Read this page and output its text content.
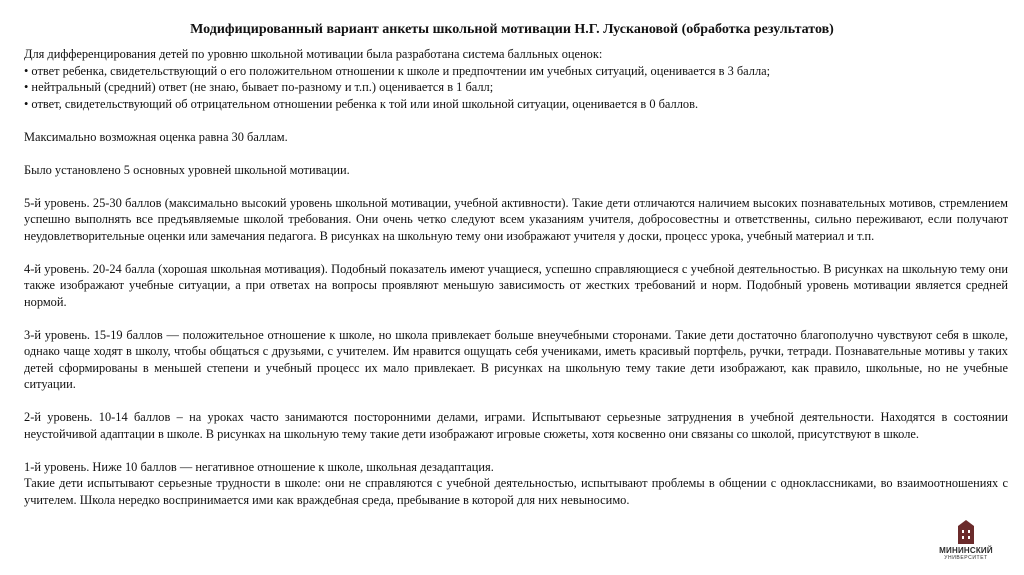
Модифицированный вариант анкеты школьной мотивации Н.Г. Лускановой (обработка результатов)

Для дифференцирования детей по уровню школьной мотивации была разработана система балльных оценок:

• ответ ребенка, свидетельствующий о его положительном отношении к школе и предпочтении им учебных ситуаций, оценивается в 3 балла;

• нейтральный (средний) ответ (не знаю, бывает по-разному и т.п.) оценивается в 1 балл;

• ответ, свидетельствующий об отрицательном отношении ребенка к той или иной школьной ситуации, оценивается в 0 баллов.

Максимально возможная оценка равна 30 баллам.

Было установлено 5 основных уровней школьной мотивации.

5-й уровень. 25-30 баллов (максимально высокий уровень школьной мотивации, учебной активности). Такие дети отличаются наличием высоких познавательных мотивов, стремлением успешно выполнять все предъявляемые школой требования. Они очень четко следуют всем указаниям учителя, добросовестны и ответственны, сильно переживают, если получают неудовлетворительные оценки или замечания педагога. В рисунках на школьную тему они изображают учителя у доски, процесс урока, учебный материал и т.п.

4-й уровень. 20-24 балла (хорошая школьная мотивация). Подобный показатель имеют учащиеся, успешно справляющиеся с учебной деятельностью. В рисунках на школьную тему они также изображают учебные ситуации, а при ответах на вопросы проявляют меньшую зависимость от жестких требований и норм. Подобный уровень мотивации является средней нормой.

3-й уровень. 15-19 баллов — положительное отношение к школе, но школа привлекает больше внеучебными сторонами. Такие дети достаточно благополучно чувствуют себя в школе, однако чаще ходят в школу, чтобы общаться с друзьями, с учителем. Им нравится ощущать себя учениками, иметь красивый портфель, ручки, тетради. Познавательные мотивы у таких детей сформированы в меньшей степени и учебный процесс их мало привлекает. В рисунках на школьную тему такие дети изображают, как правило, школьные, но не учебные ситуации.

2-й уровень. 10-14 баллов – на уроках часто занимаются посторонними делами, играми. Испытывают серьезные затруднения в учебной деятельности. Находятся в состоянии неустойчивой адаптации в школе. В рисунках на школьную тему такие дети изображают игровые сюжеты, хотя косвенно они связаны со школой, присутствуют в школе.

1-й уровень. Ниже 10 баллов — негативное отношение к школе, школьная дезадаптация.

Такие дети испытывают серьезные трудности в школе: они не справляются с учебной деятельностью, испытывают проблемы в общении с одноклассниками, во взаимоотношениях с учителем. Школа нередко воспринимается ими как враждебная среда, пребывание в которой для них невыносимо.

МИНИНСКИЙ
УНИВЕРСИТЕТ
